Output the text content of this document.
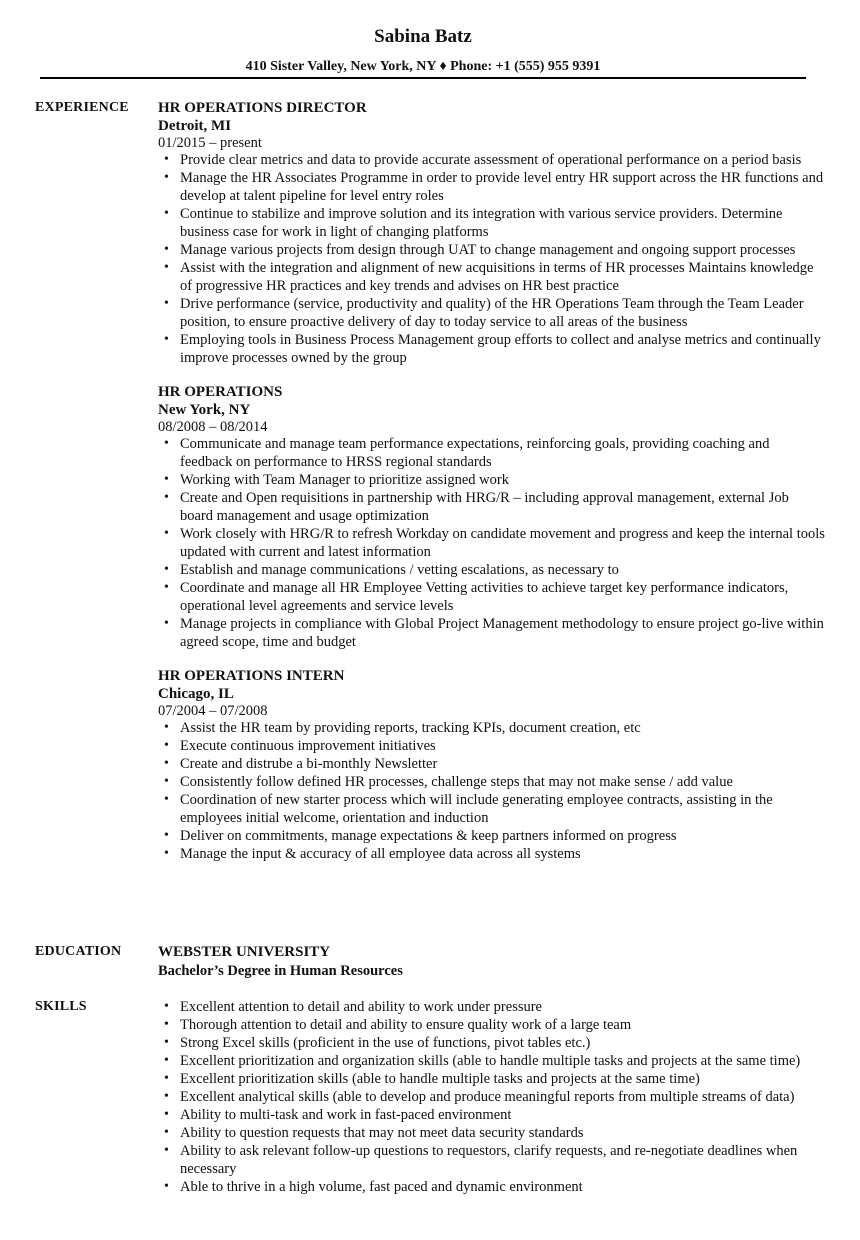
Sabina Batz
410 Sister Valley, New York, NY ♦ Phone: +1 (555) 955 9391
EXPERIENCE HR OPERATIONS DIRECTOR
Detroit, MI
01/2015 – present
• Provide clear metrics and data to provide accurate assessment of operational performance on a period basis
• Manage the HR Associates Programme in order to provide level entry HR support across the HR functions and develop at talent pipeline for level entry roles
• Continue to stabilize and improve solution and its integration with various service providers. Determine business case for work in light of changing platforms
• Manage various projects from design through UAT to change management and ongoing support processes
• Assist with the integration and alignment of new acquisitions in terms of HR processes Maintains knowledge of progressive HR practices and key trends and advises on HR best practice
• Drive performance (service, productivity and quality) of the HR Operations Team through the Team Leader position, to ensure proactive delivery of day to today service to all areas of the business
• Employing tools in Business Process Management group efforts to collect and analyse metrics and continually improve processes owned by the group
HR OPERATIONS
New York, NY
08/2008 – 08/2014
• Communicate and manage team performance expectations, reinforcing goals, providing coaching and feedback on performance to HRSS regional standards
• Working with Team Manager to prioritize assigned work
• Create and Open requisitions in partnership with HRG/R – including approval management, external Job board management and usage optimization
• Work closely with HRG/R to refresh Workday on candidate movement and progress and keep the internal tools updated with current and latest information
• Establish and manage communications / vetting escalations, as necessary to
• Coordinate and manage all HR Employee Vetting activities to achieve target key performance indicators, operational level agreements and service levels
• Manage projects in compliance with Global Project Management methodology to ensure project go-live within agreed scope, time and budget
HR OPERATIONS INTERN
Chicago, IL
07/2004 – 07/2008
• Assist the HR team by providing reports, tracking KPIs, document creation, etc
• Execute continuous improvement initiatives
• Create and distrube a bi-monthly Newsletter
• Consistently follow defined HR processes, challenge steps that may not make sense / add value
• Coordination of new starter process which will include generating employee contracts, assisting in the employees initial welcome, orientation and induction
• Deliver on commitments, manage expectations & keep partners informed on progress
• Manage the input & accuracy of all employee data across all systems
EDUCATION WEBSTER UNIVERSITY
Bachelor’s Degree in Human Resources
SKILLS
•	Excellent attention to detail and ability to work under pressure
• Thorough attention to detail and ability to ensure quality work of a large team
• Strong Excel skills (proficient in the use of functions, pivot tables etc.)
• Excellent prioritization and organization skills (able to handle multiple tasks and projects at the same time)
• Excellent prioritization skills (able to handle multiple tasks and projects at the same time)
• Excellent analytical skills (able to develop and produce meaningful reports from multiple streams of data)
• Ability to multi-task and work in fast-paced environment
• Ability to question requests that may not meet data security standards
• Ability to ask relevant follow-up questions to requestors, clarify requests, and re-negotiate deadlines when necessary
• Able to thrive in a high volume, fast paced and dynamic environment
